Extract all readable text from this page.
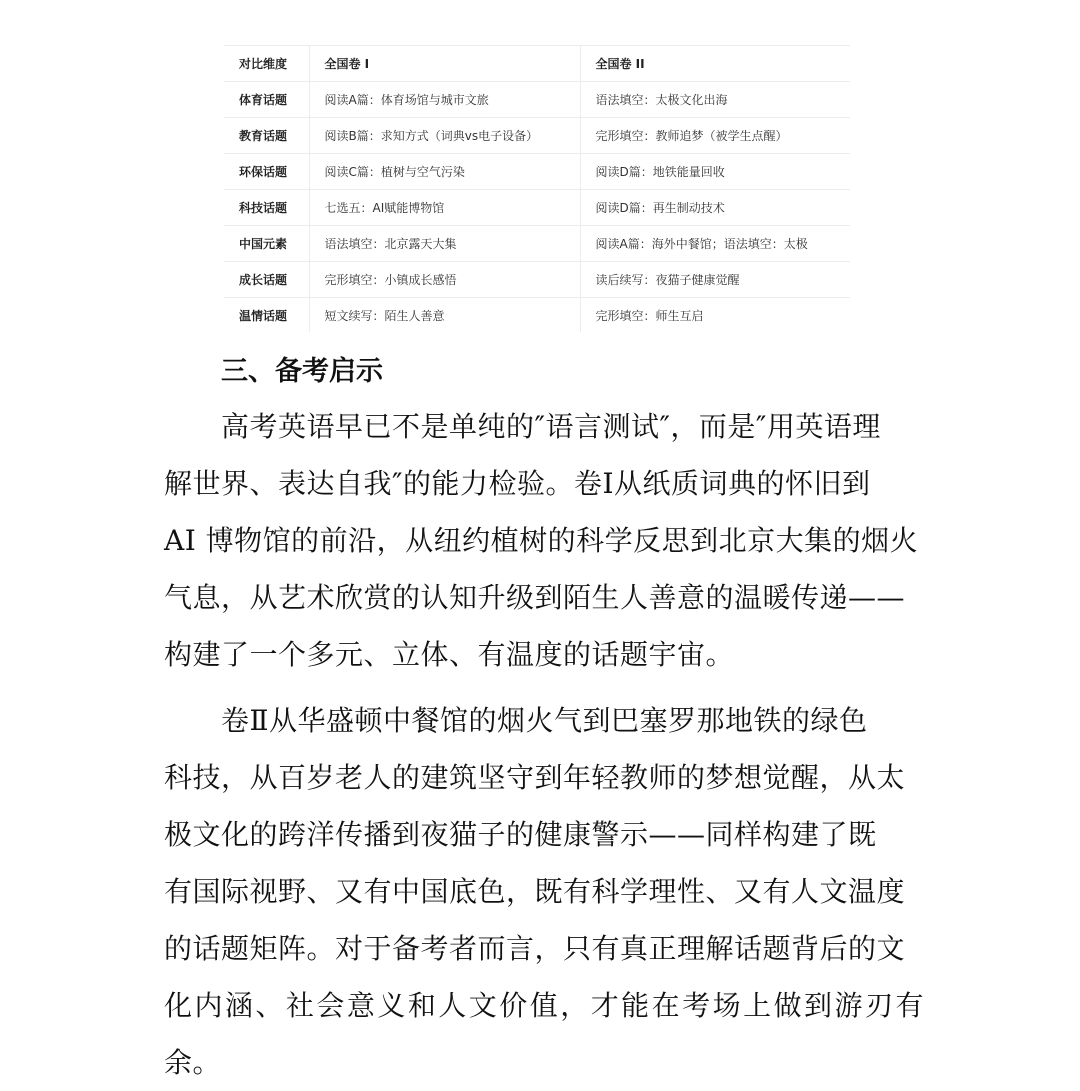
对比维度	全国卷 I	全国卷 II
体育话题	阅读A篇：体育场馆与城市文旅	语法填空：太极文化出海
教育话题	阅读B篇：求知方式（词典vs电子设备）	完形填空：教师追梦（被学生点醒）
环保话题	阅读C篇：植树与空气污染	阅读D篇：地铁能量回收
科技话题	七选五：AI赋能博物馆	阅读D篇：再生制动技术
中国元素	语法填空：北京露天大集	阅读A篇：海外中餐馆；语法填空：太极
成长话题	完形填空：小镇成长感悟	读后续写：夜猫子健康觉醒
温情话题	短文续写：陌生人善意	完形填空：师生互启
三、备考启示

高考英语早已不是单纯的″语言测试″，而是″用英语理
解世界、表达自我″的能力检验。卷Ⅰ从纸质词典的怀旧到
AI 博物馆的前沿，从纽约植树的科学反思到北京大集的烟火
气息，从艺术欣赏的认知升级到陌生人善意的温暖传递——
构建了一个多元、立体、有温度的话题宇宙。

卷Ⅱ从华盛顿中餐馆的烟火气到巴塞罗那地铁的绿色
科技，从百岁老人的建筑坚守到年轻教师的梦想觉醒，从太
极文化的跨洋传播到夜猫子的健康警示——同样构建了既
有国际视野、又有中国底色，既有科学理性、又有人文温度
的话题矩阵。对于备考者而言，只有真正理解话题背后的文
化内涵、社会意义和人文价值，才能在考场上做到游刃有余。
